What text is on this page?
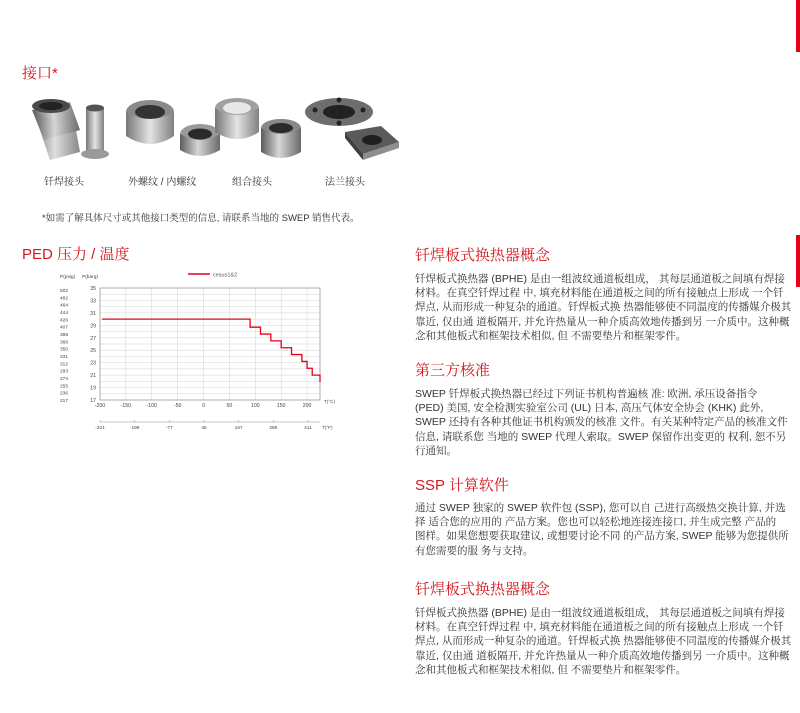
接口*
钎焊接头	外螺纹 / 内螺纹	组合接头	法兰接头
*如需了解具体尺寸或其他接口类型的信息, 请联系当地的 SWEP 销售代表。
PED 压力 / 温度
35
33
31
29
27
25
23
21
19
17
502
482
464
444
426
407
388
368
350
331
312
293
274
255
236
217
P(psig) P(barg)
-200	-150	-100	-50	0	50	100	150	200
T(°C)
-321	-199	-77	45	167	289	411 T(°F)
cesus1&2
钎焊板式换热器概念
钎焊板式换热器 (BPHE) 是由一组波纹通道板组成， 其每层通道板之间填有焊接
材料。在真空钎焊过程 中, 填充材料能在通道板之间的所有接触点上形成 一个钎
焊点, 从而形成一种复杂的通道。钎焊板式换 热器能够使不同温度的传播媒介极其
靠近, 仅由通 道板隔开, 并允许热量从一种介质高效地传播到另 一介质中。这种概
念和其他板式和框架技术相似, 但 不需要垫片和框架零件。
第三方核准
SWEP 钎焊板式换热器已经过下列证书机构普遍核 准: 欧洲, 承压设备指令
(PED) 美国, 安全检测实验室公司 (UL) 日本, 高压气体安全协会 (KHK) 此外,
SWEP 还持有各种其他证书机构颁发的核准 文件。有关某种特定产品的核准文件
信息, 请联系您 当地的 SWEP 代理人索取。SWEP 保留作出变更的 权利, 恕不另
行通知。
SSP 计算软件
通过 SWEP 独家的 SWEP 软件包 (SSP), 您可以自 己进行高级热交换计算, 并选
择 适合您的应用的 产品方案。您也可以轻松地连接连接口, 并生成完整 产品的
图样。如果您想要获取建议, 或想要讨论不同 的产品方案, SWEP 能够为您提供所
有您需要的服 务与支持。
钎焊板式换热器概念
钎焊板式换热器 (BPHE) 是由一组波纹通道板组成， 其每层通道板之间填有焊接
材料。在真空钎焊过程 中, 填充材料能在通道板之间的所有接触点上形成 一个钎
焊点, 从而形成一种复杂的通道。钎焊板式换 热器能够使不同温度的传播媒介极其
靠近, 仅由通 道板隔开, 并允许热量从一种介质高效地传播到另 一介质中。这种概
念和其他板式和框架技术相似, 但 不需要垫片和框架零件。
